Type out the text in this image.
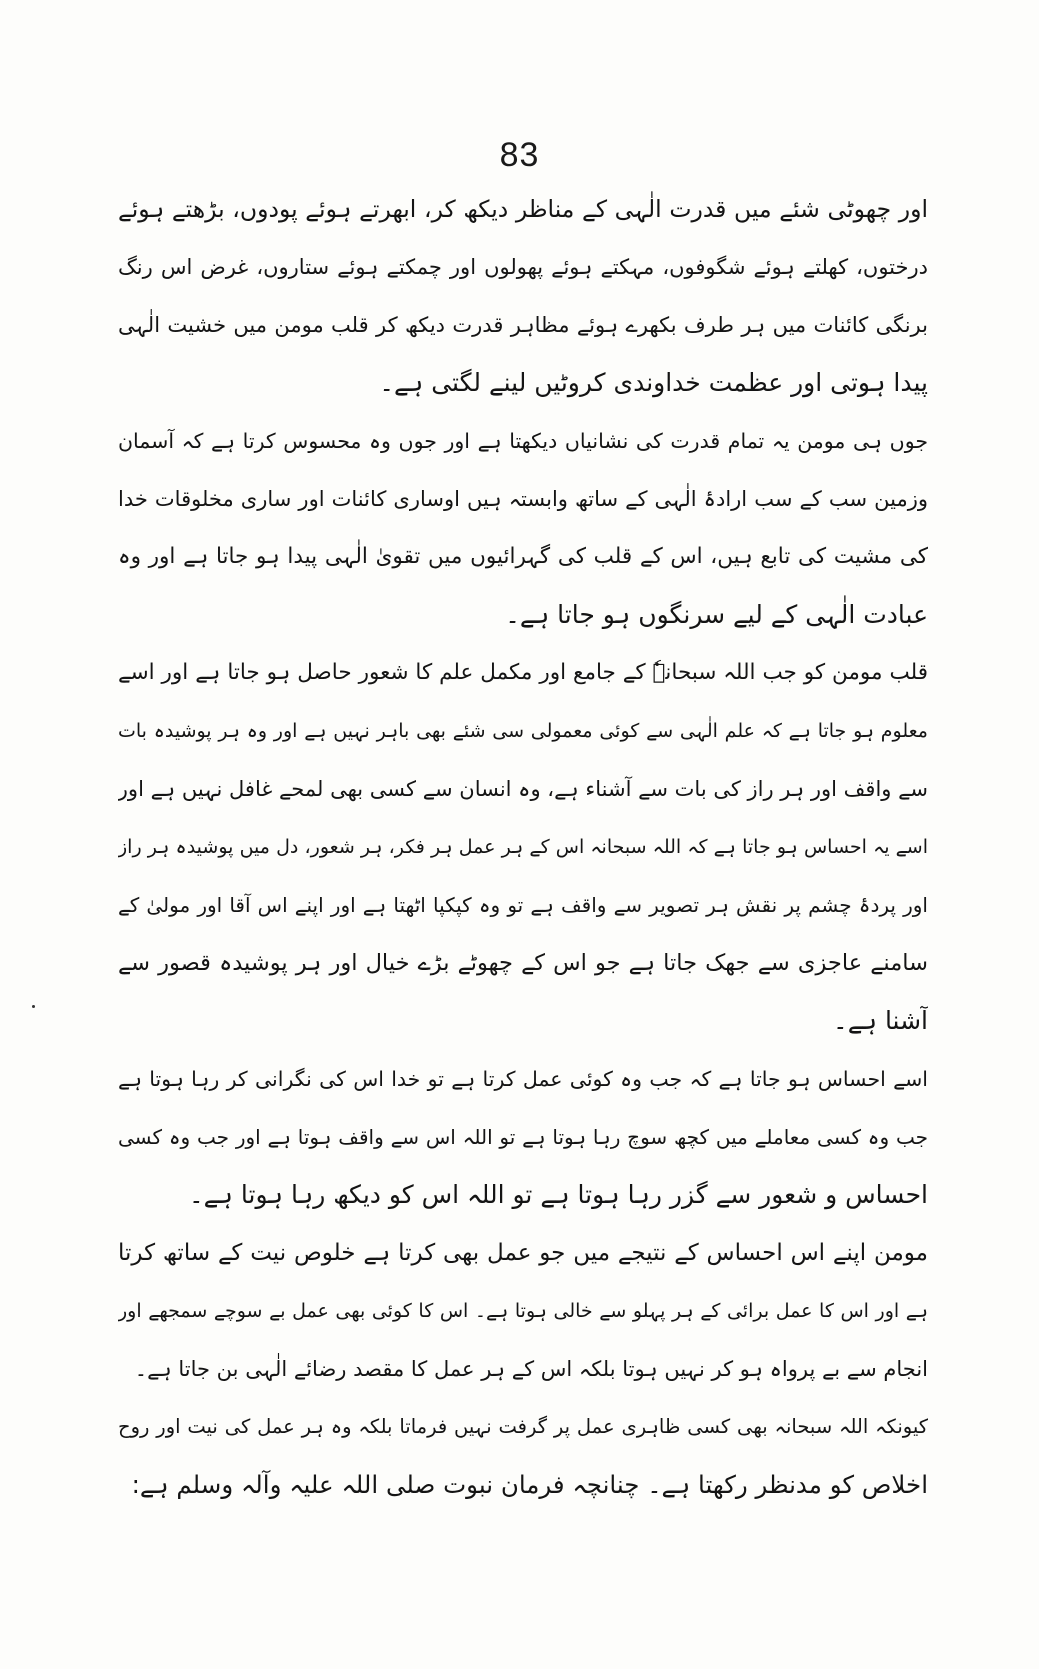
83
اور چھوٹی شئے میں قدرت الٰہی کے مناظر دیکھ کر، ابھرتے ہوئے پودوں، بڑھتے ہوئے
درختوں، کھلتے ہوئے شگوفوں، مہکتے ہوئے پھولوں اور چمکتے ہوئے ستاروں، غرض اس رنگ
برنگی کائنات میں ہر طرف بکھرے ہوئے مظاہر قدرت دیکھ کر قلب مومن میں خشیت الٰہی
پیدا ہوتی اور عظمت خداوندی کروٹیں لینے لگتی ہے۔
جوں ہی مومن یہ تمام قدرت کی نشانیاں دیکھتا ہے اور جوں وہ محسوس کرتا ہے کہ آسمان
وزمین سب کے سب ارادۂ الٰہی کے ساتھ وابستہ ہیں اوساری کائنات اور ساری مخلوقات خدا
کی مشیت کی تابع ہیں، اس کے قلب کی گہرائیوں میں تقویٰ الٰہی پیدا ہو جاتا ہے اور وہ
عبادت الٰہی کے لیے سرنگوں ہو جاتا ہے۔
قلب مومن کو جب اللہ سبحانہٗ کے جامع اور مکمل علم کا شعور حاصل ہو جاتا ہے اور اسے
معلوم ہو جاتا ہے کہ علم الٰہی سے کوئی معمولی سی شئے بھی باہر نہیں ہے اور وہ ہر پوشیدہ بات
سے واقف اور ہر راز کی بات سے آشناء ہے، وہ انسان سے کسی بھی لمحے غافل نہیں ہے اور
اسے یہ احساس ہو جاتا ہے کہ اللہ سبحانہ اس کے ہر عمل ہر فکر، ہر شعور، دل میں پوشیدہ ہر راز
اور پردۂ چشم پر نقش ہر تصویر سے واقف ہے تو وہ کپکپا اٹھتا ہے اور اپنے اس آقا اور مولیٰ کے
سامنے عاجزی سے جھک جاتا ہے جو اس کے چھوٹے بڑے خیال اور ہر پوشیدہ قصور سے
آشنا ہے۔
اسے احساس ہو جاتا ہے کہ جب وہ کوئی عمل کرتا ہے تو خدا اس کی نگرانی کر رہا ہوتا ہے
جب وہ کسی معاملے میں کچھ سوچ رہا ہوتا ہے تو اللہ اس سے واقف ہوتا ہے اور جب وہ کسی
احساس و شعور سے گزر رہا ہوتا ہے تو اللہ اس کو دیکھ رہا ہوتا ہے۔
مومن اپنے اس احساس کے نتیجے میں جو عمل بھی کرتا ہے خلوص نیت کے ساتھ کرتا
ہے اور اس کا عمل برائی کے ہر پہلو سے خالی ہوتا ہے۔ اس کا کوئی بھی عمل بے سوچے سمجھے اور
انجام سے بے پرواہ ہو کر نہیں ہوتا بلکہ اس کے ہر عمل کا مقصد رضائے الٰہی بن جاتا ہے۔
کیونکہ اللہ سبحانہ بھی کسی ظاہری عمل پر گرفت نہیں فرماتا بلکہ وہ ہر عمل کی نیت اور روح
اخلاص کو مدنظر رکھتا ہے۔ چنانچہ فرمان نبوت صلی اللہ علیہ وآلہ وسلم ہے:
